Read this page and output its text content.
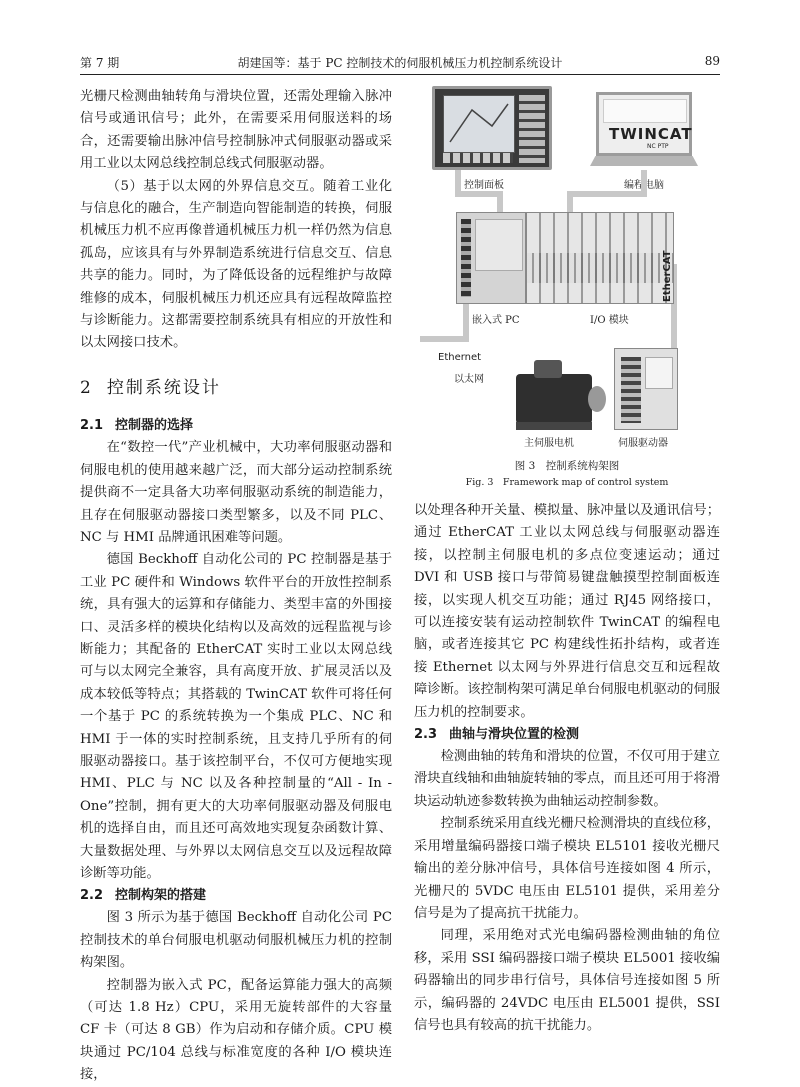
第 7 期	胡建国等：基于 PC 控制技术的伺服机械压力机控制系统设计	89

光栅尺检测曲轴转角与滑块位置，还需处理输入脉冲信号或通讯信号；此外，在需要采用伺服送料的场合，还需要输出脉冲信号控制脉冲式伺服驱动器或采用工业以太网总线控制总线式伺服驱动器。

（5）基于以太网的外界信息交互。随着工业化与信息化的融合，生产制造向智能制造的转换，伺服机械压力机不应再像普通机械压力机一样仍然为信息孤岛，应该具有与外界制造系统进行信息交互、信息共享的能力。同时，为了降低设备的远程维护与故障维修的成本，伺服机械压力机还应具有远程故障监控与诊断能力。这都需要控制系统具有相应的开放性和以太网接口技术。

2 控制系统设计
2.1 控制器的选择

在“数控一代”产业机械中，大功率伺服驱动器和伺服电机的使用越来越广泛，而大部分运动控制系统提供商不一定具备大功率伺服驱动系统的制造能力，且存在伺服驱动器接口类型繁多，以及不同 PLC、NC 与 HMI 品牌通讯困难等问题。

德国 Beckhoff 自动化公司的 PC 控制器是基于工业 PC 硬件和 Windows 软件平台的开放性控制系统，具有强大的运算和存储能力、类型丰富的外围接口、灵活多样的模块化结构以及高效的远程监视与诊断能力；其配备的 EtherCAT 实时工业以太网总线可与以太网完全兼容，具有高度开放、扩展灵活以及成本较低等特点；其搭载的 TwinCAT 软件可将任何一个基于 PC 的系统转换为一个集成 PLC、NC 和 HMI 于一体的实时控制系统，且支持几乎所有的伺服驱动器接口。基于该控制平台，不仅可方便地实现 HMI、PLC 与 NC 以及各种控制量的“All - In - One”控制，拥有更大的大功率伺服驱动器及伺服电机的选择自由，而且还可高效地实现复杂函数计算、大量数据处理、与外界以太网信息交互以及远程故障诊断等功能。

2.2 控制构架的搭建

图 3 所示为基于德国 Beckhoff 自动化公司 PC 控制技术的单台伺服电机驱动伺服机械压力机的控制构架图。

控制器为嵌入式 PC，配备运算能力强大的高频（可达 1.8 Hz）CPU，采用无旋转部件的大容量 CF 卡（可达 8 GB）作为启动和存储介质。CPU 模块通过 PC/104 总线与标准宽度的各种 I/O 模块连接，

控制面板
TWINCAT
NC PTP
编程电脑
嵌入式 PC	I/O 模块
EtherCAT
Ethernet
以太网
主伺服电机	伺服驱动器
图 3　控制系统构架图
Fig. 3　Framework map of control system

以处理各种开关量、模拟量、脉冲量以及通讯信号；通过 EtherCAT 工业以太网总线与伺服驱动器连接，以控制主伺服电机的多点位变速运动；通过 DVI 和 USB 接口与带简易键盘触摸型控制面板连接，以实现人机交互功能；通过 RJ45 网络接口，可以连接安装有运动控制软件 TwinCAT 的编程电脑，或者连接其它 PC 构建线性拓扑结构，或者连接 Ethernet 以太网与外界进行信息交互和远程故障诊断。该控制构架可满足单台伺服电机驱动的伺服压力机的控制要求。

2.3 曲轴与滑块位置的检测

检测曲轴的转角和滑块的位置，不仅可用于建立滑块直线轴和曲轴旋转轴的零点，而且还可用于将滑块运动轨迹参数转换为曲轴运动控制参数。

控制系统采用直线光栅尺检测滑块的直线位移，采用增量编码器接口端子模块 EL5101 接收光栅尺输出的差分脉冲信号，具体信号连接如图 4 所示，光栅尺的 5VDC 电压由 EL5101 提供，采用差分信号是为了提高抗干扰能力。

同理，采用绝对式光电编码器检测曲轴的角位移，采用 SSI 编码器接口端子模块 EL5001 接收编码器输出的同步串行信号，具体信号连接如图 5 所示，编码器的 24VDC 电压由 EL5001 提供，SSI 信号也具有较高的抗干扰能力。
